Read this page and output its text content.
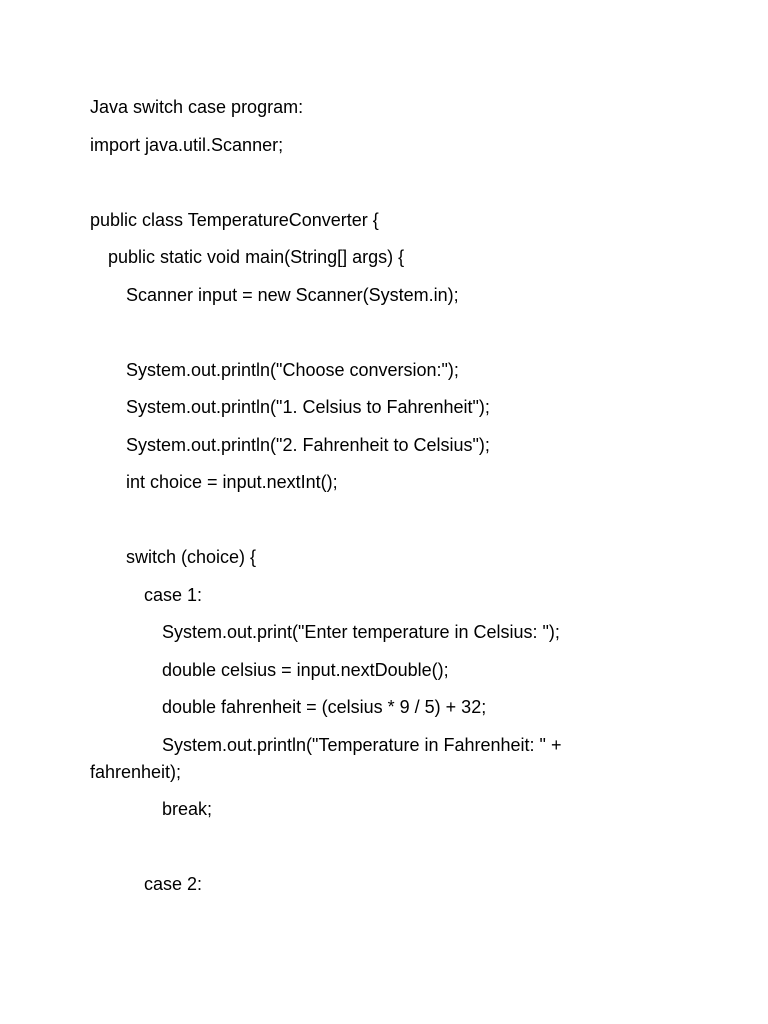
Java switch case program:
import java.util.Scanner;
public class TemperatureConverter {
public static void main(String[] args) {
Scanner input = new Scanner(System.in);
System.out.println("Choose conversion:");
System.out.println("1. Celsius to Fahrenheit");
System.out.println("2. Fahrenheit to Celsius");
int choice = input.nextInt();
switch (choice) {
case 1:
System.out.print("Enter temperature in Celsius: ");
double celsius = input.nextDouble();
double fahrenheit = (celsius * 9 / 5) + 32;
System.out.println("Temperature in Fahrenheit: " +
fahrenheit);
break;
case 2:
